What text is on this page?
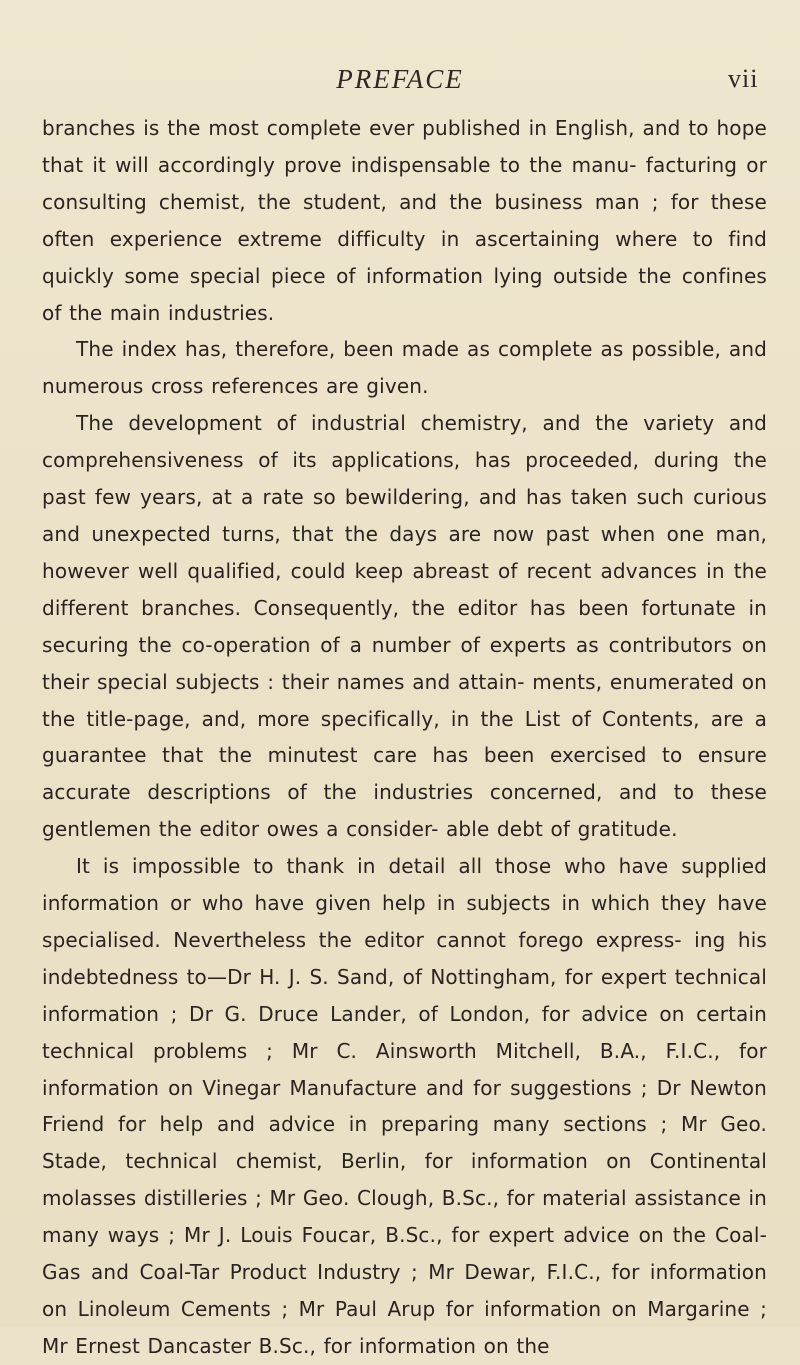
PREFACE	vii

branches is the most complete ever published in English, and to hope that it will accordingly prove indispensable to the manu- facturing or consulting chemist, the student, and the business man ; for these often experience extreme difficulty in ascertaining where to find quickly some special piece of information lying outside the confines of the main industries.

The index has, therefore, been made as complete as possible, and numerous cross references are given.

The development of industrial chemistry, and the variety and comprehensiveness of its applications, has proceeded, during the past few years, at a rate so bewildering, and has taken such curious and unexpected turns, that the days are now past when one man, however well qualified, could keep abreast of recent advances in the different branches. Consequently, the editor has been fortunate in securing the co-operation of a number of experts as contributors on their special subjects : their names and attain- ments, enumerated on the title-page, and, more specifically, in the List of Contents, are a guarantee that the minutest care has been exercised to ensure accurate descriptions of the industries concerned, and to these gentlemen the editor owes a consider- able debt of gratitude.

It is impossible to thank in detail all those who have supplied information or who have given help in subjects in which they have specialised. Nevertheless the editor cannot forego express- ing his indebtedness to—Dr H. J. S. Sand, of Nottingham, for expert technical information ; Dr G. Druce Lander, of London, for advice on certain technical problems ; Mr C. Ainsworth Mitchell, B.A., F.I.C., for information on Vinegar Manufacture and for suggestions ; Dr Newton Friend for help and advice in preparing many sections ; Mr Geo. Stade, technical chemist, Berlin, for information on Continental molasses distilleries ; Mr Geo. Clough, B.Sc., for material assistance in many ways ; Mr J. Louis Foucar, B.Sc., for expert advice on the Coal-Gas and Coal-Tar Product Industry ; Mr Dewar, F.I.C., for information on Linoleum Cements ; Mr Paul Arup for information on Margarine ; Mr Ernest Dancaster B.Sc., for information on the
